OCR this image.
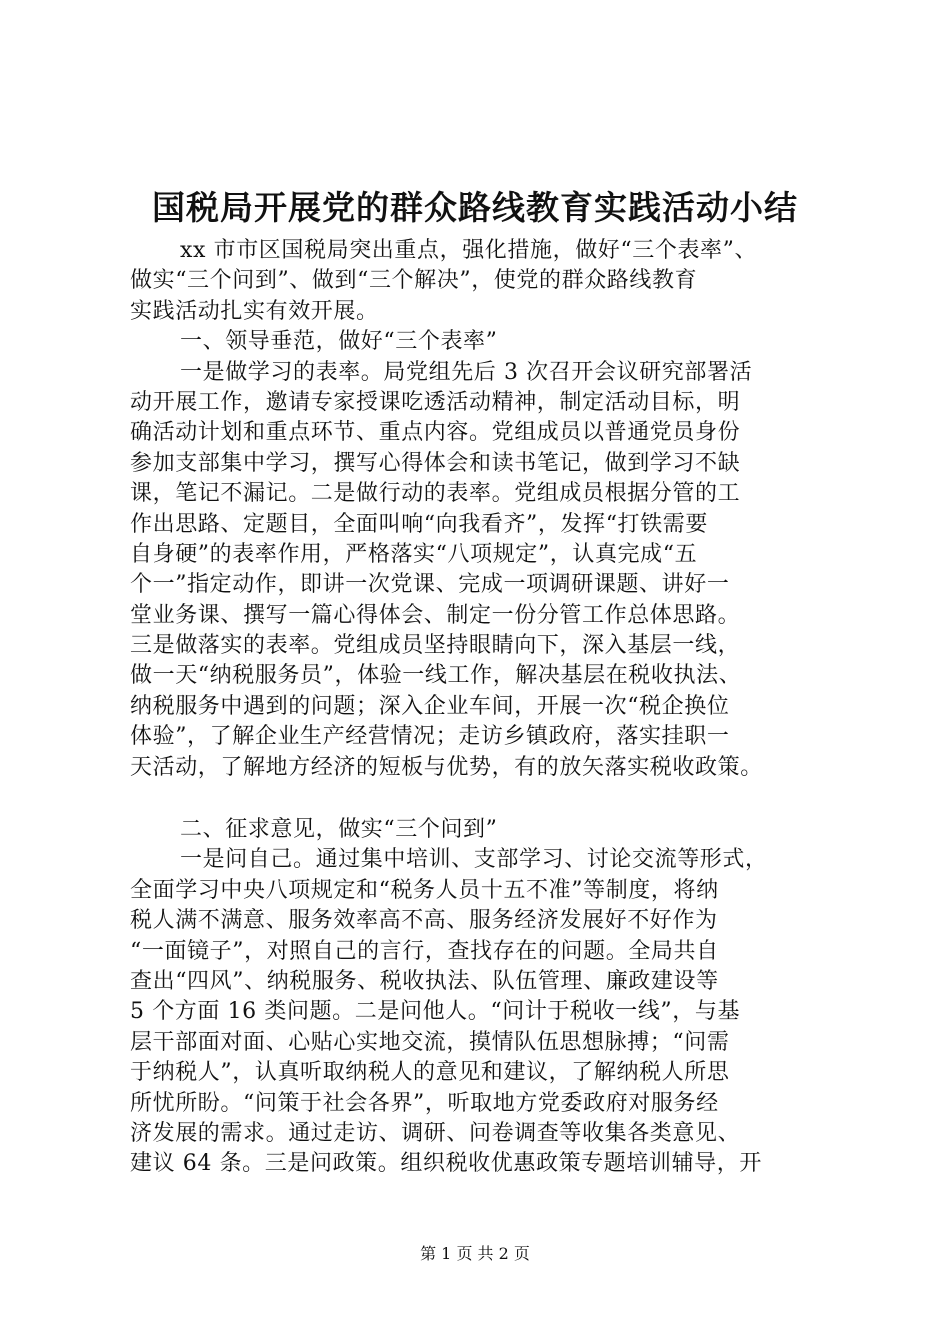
国税局开展党的群众路线教育实践活动小结
xx 市市区国税局突出重点，强化措施，做好“三个表率”、
做实“三个问到”、做到“三个解决”，使党的群众路线教育
实践活动扎实有效开展。
一、领导垂范，做好“三个表率”
一是做学习的表率。局党组先后 3 次召开会议研究部署活
动开展工作，邀请专家授课吃透活动精神，制定活动目标，明
确活动计划和重点环节、重点内容。党组成员以普通党员身份
参加支部集中学习，撰写心得体会和读书笔记，做到学习不缺
课，笔记不漏记。二是做行动的表率。党组成员根据分管的工
作出思路、定题目，全面叫响“向我看齐”，发挥“打铁需要
自身硬”的表率作用，严格落实“八项规定”，认真完成“五
个一”指定动作，即讲一次党课、完成一项调研课题、讲好一
堂业务课、撰写一篇心得体会、制定一份分管工作总体思路。
三是做落实的表率。党组成员坚持眼睛向下，深入基层一线，
做一天“纳税服务员”，体验一线工作，解决基层在税收执法、
纳税服务中遇到的问题；深入企业车间，开展一次“税企换位
体验”，了解企业生产经营情况；走访乡镇政府，落实挂职一
天活动，了解地方经济的短板与优势，有的放矢落实税收政策。
二、征求意见，做实“三个问到”
一是问自己。通过集中培训、支部学习、讨论交流等形式，
全面学习中央八项规定和“税务人员十五不准”等制度，将纳
税人满不满意、服务效率高不高、服务经济发展好不好作为
“一面镜子”，对照自己的言行，查找存在的问题。全局共自
查出“四风”、纳税服务、税收执法、队伍管理、廉政建设等
5 个方面 16 类问题。二是问他人。“问计于税收一线”，与基
层干部面对面、心贴心实地交流，摸情队伍思想脉搏；“问需
于纳税人”，认真听取纳税人的意见和建议，了解纳税人所思
所忧所盼。“问策于社会各界”，听取地方党委政府对服务经
济发展的需求。通过走访、调研、问卷调查等收集各类意见、
建议 64 条。三是问政策。组织税收优惠政策专题培训辅导，开
第 1 页 共 2 页
